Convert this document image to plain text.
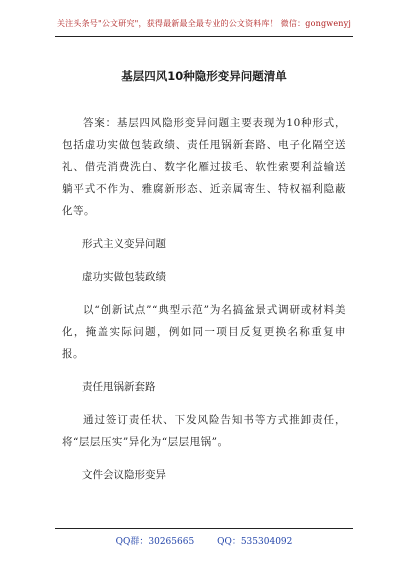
关注头条号"公文研究"，获得最新最全最专业的公文资料库！ 微信：gongwenyj
基层四风10种隐形变异问题清单

答案：基层四风隐形变异问题主要表现为10种形式，包括虚功实做包装政绩、责任甩锅新套路、电子化隔空送礼、借壳消费洗白、数字化雁过拔毛、软性索要利益输送躺平式不作为、雅腐新形态、近亲属寄生、特权福利隐蔽化等。

形式主义变异问题

虚功实做包装政绩

以“创新试点”“典型示范”为名搞盆景式调研或材料美化，掩盖实际问题，例如同一项目反复更换名称重复申报。

责任甩锅新套路

通过签订责任状、下发风险告知书等方式推卸责任，将“层层压实”异化为“层层甩锅”。

文件会议隐形变异

QQ群：30265665	QQ：535304092
